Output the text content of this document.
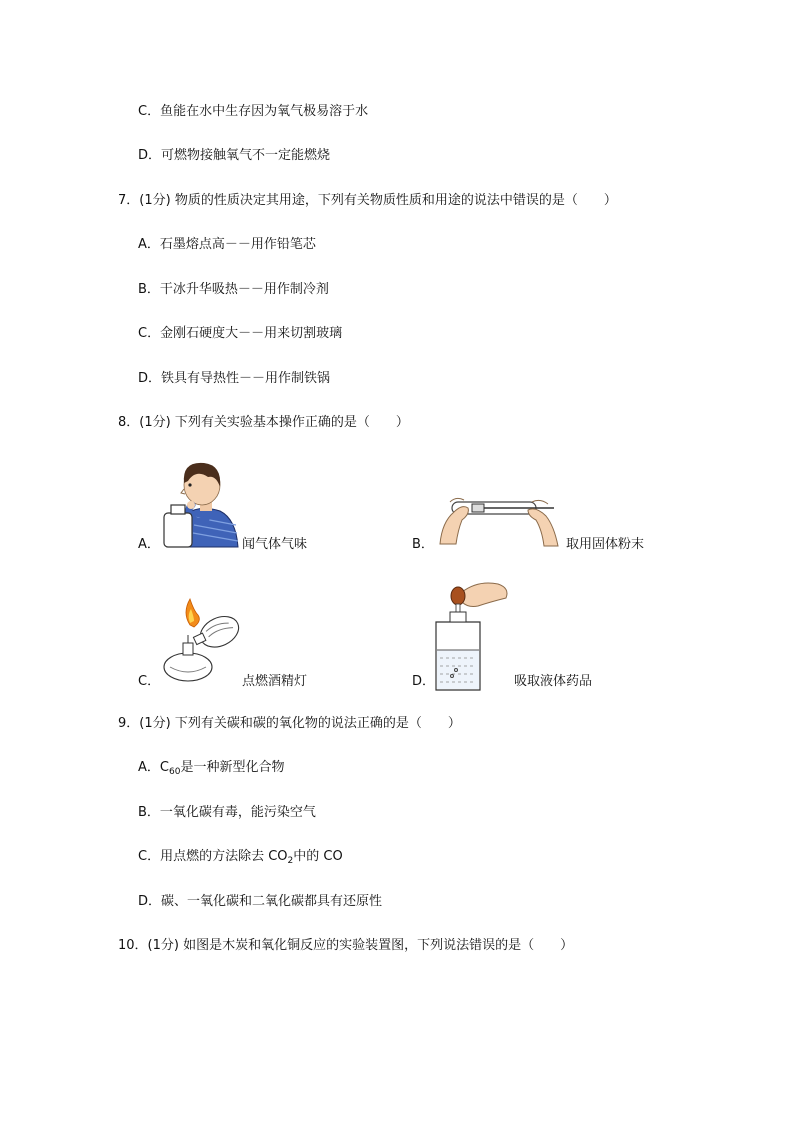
C．鱼能在水中生存因为氧气极易溶于水
D．可燃物接触氧气不一定能燃烧
7．(1分) 物质的性质决定其用途，下列有关物质性质和用途的说法中错误的是（　　）
A．石墨熔点高－－用作铅笔芯
B．干冰升华吸热－－用作制冷剂
C．金刚石硬度大－－用来切割玻璃
D．铁具有导热性－－用作制铁锅
8．(1分) 下列有关实验基本操作正确的是（　　）
A．	闻气体气味	B．	取用固体粉末
C．	点燃酒精灯	D．	吸取液体药品
9．(1分) 下列有关碳和碳的氧化物的说法正确的是（　　）
A．$C_{60}$是一种新型化合物
B．一氧化碳有毒，能污染空气
C．用点燃的方法除去 $CO_2$中的 CO
D．碳、一氧化碳和二氧化碳都具有还原性
10．(1分) 如图是木炭和氧化铜反应的实验装置图，下列说法错误的是（　　）
